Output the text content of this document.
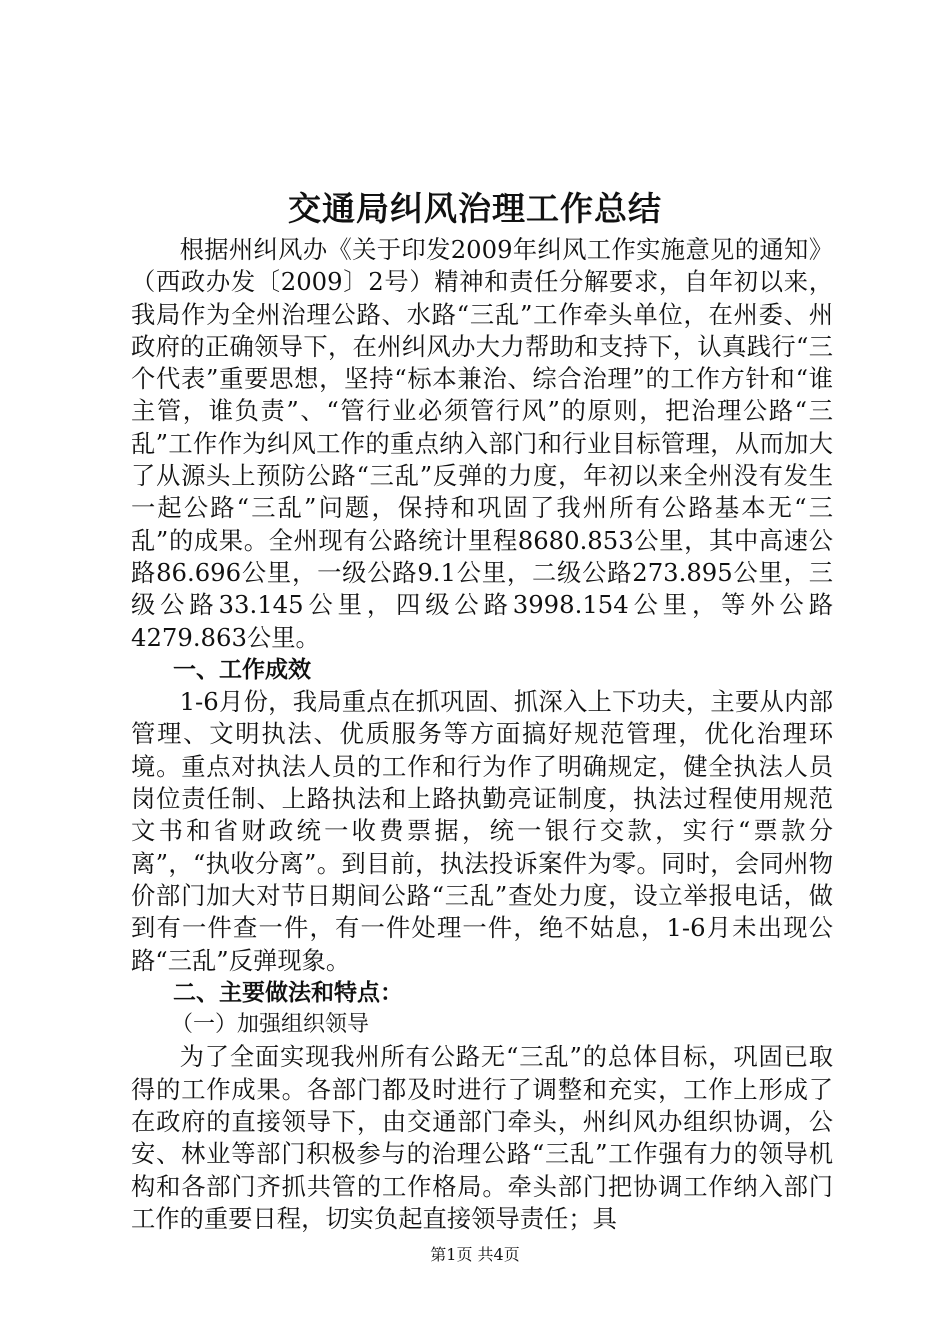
交通局纠风治理工作总结

根据州纠风办《关于印发2009年纠风工作实施意见的通知》（西政办发〔2009〕2号）精神和责任分解要求，自年初以来，我局作为全州治理公路、水路“三乱”工作牵头单位，在州委、州政府的正确领导下，在州纠风办大力帮助和支持下，认真践行“三个代表”重要思想，坚持“标本兼治、综合治理”的工作方针和“谁主管，谁负责”、“管行业必须管行风”的原则，把治理公路“三乱”工作作为纠风工作的重点纳入部门和行业目标管理，从而加大了从源头上预防公路“三乱”反弹的力度，年初以来全州没有发生一起公路“三乱”问题，保持和巩固了我州所有公路基本无“三乱”的成果。全州现有公路统计里程8680.853公里，其中高速公路86.696公里，一级公路9.1公里，二级公路273.895公里，三级公路33.145公里，四级公路3998.154公里，等外公路4279.863公里。

一、工作成效

1-6月份，我局重点在抓巩固、抓深入上下功夫，主要从内部管理、文明执法、优质服务等方面搞好规范管理，优化治理环境。重点对执法人员的工作和行为作了明确规定，健全执法人员岗位责任制、上路执法和上路执勤亮证制度，执法过程使用规范文书和省财政统一收费票据，统一银行交款，实行“票款分离”，“执收分离”。到目前，执法投诉案件为零。同时，会同州物价部门加大对节日期间公路“三乱”查处力度，设立举报电话，做到有一件查一件，有一件处理一件，绝不姑息，1-6月未出现公路“三乱”反弹现象。

二、主要做法和特点：
（一）加强组织领导

为了全面实现我州所有公路无“三乱”的总体目标，巩固已取得的工作成果。各部门都及时进行了调整和充实，工作上形成了在政府的直接领导下，由交通部门牵头，州纠风办组织协调，公安、林业等部门积极参与的治理公路“三乱”工作强有力的领导机构和各部门齐抓共管的工作格局。牵头部门把协调工作纳入部门工作的重要日程，切实负起直接领导责任；具

第1页 共4页
